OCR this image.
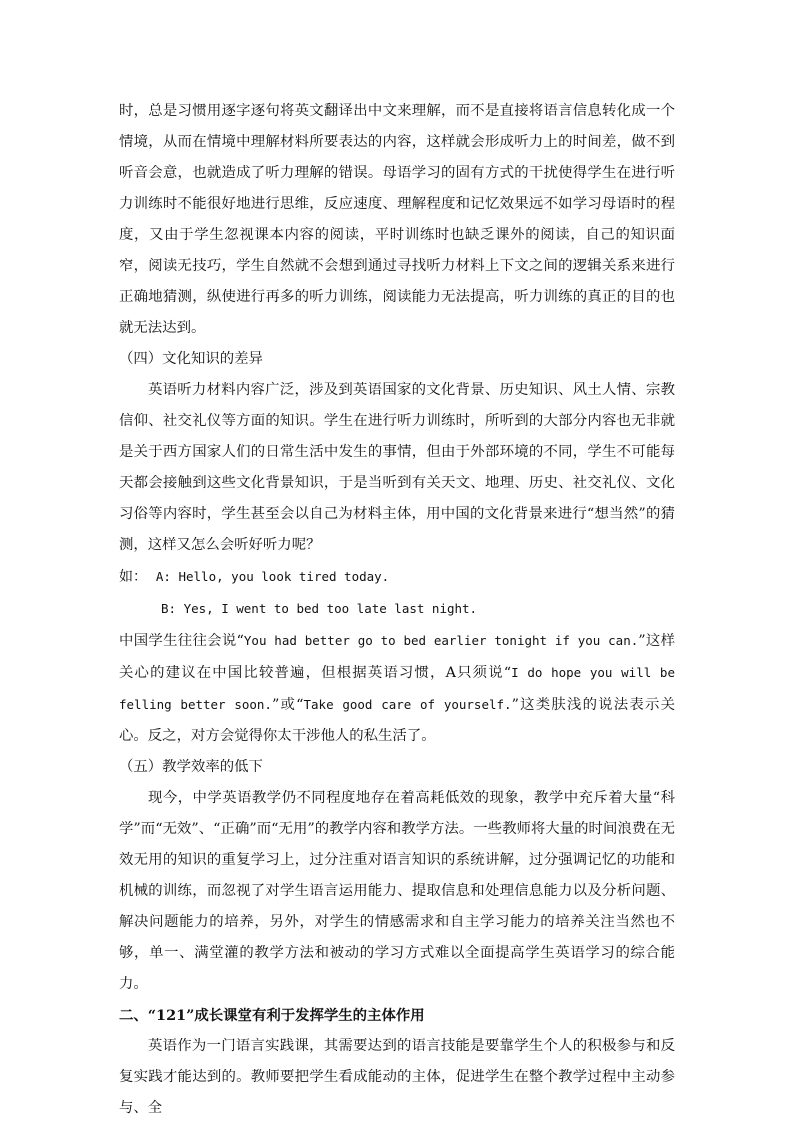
时，总是习惯用逐字逐句将英文翻译出中文来理解，而不是直接将语言信息转化成一个情境，从而在情境中理解材料所要表达的内容，这样就会形成听力上的时间差，做不到听音会意，也就造成了听力理解的错误。母语学习的固有方式的干扰使得学生在进行听力训练时不能很好地进行思维，反应速度、理解程度和记忆效果远不如学习母语时的程度，又由于学生忽视课本内容的阅读，平时训练时也缺乏课外的阅读，自己的知识面窄，阅读无技巧，学生自然就不会想到通过寻找听力材料上下文之间的逻辑关系来进行正确地猜测，纵使进行再多的听力训练，阅读能力无法提高，听力训练的真正的目的也就无法达到。

（四）文化知识的差异

英语听力材料内容广泛，涉及到英语国家的文化背景、历史知识、风土人情、宗教信仰、社交礼仪等方面的知识。学生在进行听力训练时，所听到的大部分内容也无非就是关于西方国家人们的日常生活中发生的事情，但由于外部环境的不同，学生不可能每天都会接触到这些文化背景知识，于是当听到有关天文、地理、历史、社交礼仪、文化习俗等内容时，学生甚至会以自己为材料主体，用中国的文化背景来进行“想当然”的猜测，这样又怎么会听好听力呢？

如： A: Hello, you look tired today.

B: Yes, I went to bed too late last night.

中国学生往往会说“You had better go to bed earlier tonight if you can.”这样关心的建议在中国比较普遍，但根据英语习惯，A只须说“I do hope you will be felling better soon.”或“Take good care of yourself.”这类肤浅的说法表示关心。反之，对方会觉得你太干涉他人的私生活了。

（五）教学效率的低下

现今，中学英语教学仍不同程度地存在着高耗低效的现象，教学中充斥着大量“科学”而“无效”、“正确”而“无用”的教学内容和教学方法。一些教师将大量的时间浪费在无效无用的知识的重复学习上，过分注重对语言知识的系统讲解，过分强调记忆的功能和机械的训练，而忽视了对学生语言运用能力、提取信息和处理信息能力以及分析问题、解决问题能力的培养，另外，对学生的情感需求和自主学习能力的培养关注当然也不够，单一、满堂灌的教学方法和被动的学习方式难以全面提高学生英语学习的综合能力。

二、“121”成长课堂有利于发挥学生的主体作用

英语作为一门语言实践课，其需要达到的语言技能是要靠学生个人的积极参与和反复实践才能达到的。教师要把学生看成能动的主体，促进学生在整个教学过程中主动参与、全
